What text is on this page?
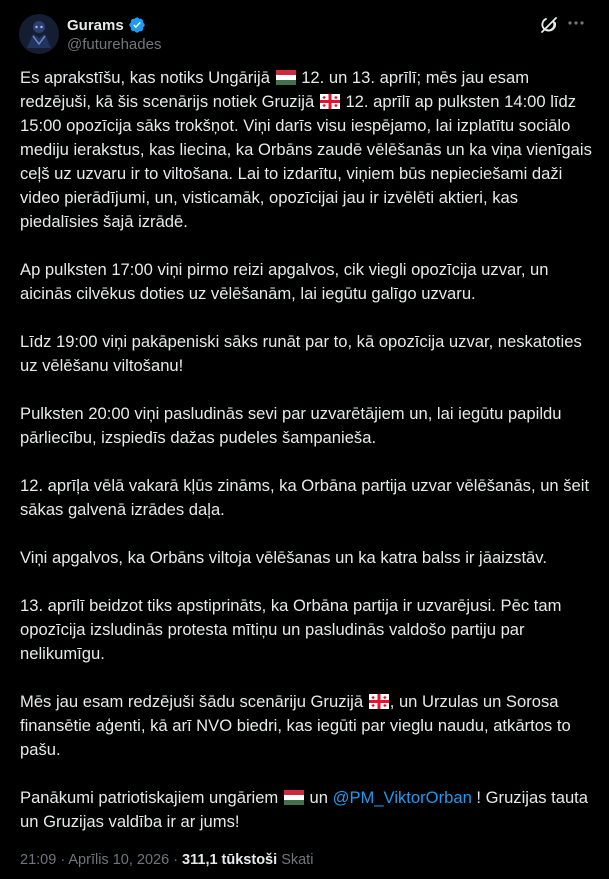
Gurams
@futurehades

Es aprakstīšu, kas notiks Ungārijā 12. un 13. aprīlī; mēs jau esam redzējuši, kā šis scenārijs notiek Gruzijā 12. aprīlī ap pulksten 14:00 līdz 15:00 opozīcija sāks trokšņot. Viņi darīs visu iespējamo, lai izplatītu sociālo mediju ierakstus, kas liecina, ka Orbāns zaudē vēlēšanās un ka viņa vienīgais ceļš uz uzvaru ir to viltošana. Lai to izdarītu, viņiem būs nepieciešami daži video pierādījumi, un, visticamāk, opozīcijai jau ir izvēlēti aktieri, kas piedalīsies šajā izrādē.

Ap pulksten 17:00 viņi pirmo reizi apgalvos, cik viegli opozīcija uzvar, un aicinās cilvēkus doties uz vēlēšanām, lai iegūtu galīgo uzvaru.

Līdz 19:00 viņi pakāpeniski sāks runāt par to, kā opozīcija uzvar, neskatoties uz vēlēšanu viltošanu!

Pulksten 20:00 viņi pasludinās sevi par uzvarētājiem un, lai iegūtu papildu pārliecību, izspiedīs dažas pudeles šampanieša.

12. aprīļa vēlā vakarā kļūs zināms, ka Orbāna partija uzvar vēlēšanās, un šeit sākas galvenā izrādes daļa.

Viņi apgalvos, ka Orbāns viltoja vēlēšanas un ka katra balss ir jāaizstāv.

13. aprīlī beidzot tiks apstiprināts, ka Orbāna partija ir uzvarējusi. Pēc tam opozīcija izsludinās protesta mītiņu un pasludinās valdošo partiju par nelikumīgu.

Mēs jau esam redzējuši šādu scenāriju Gruzijā , un Urzulas un Sorosa finansētie aģenti, kā arī NVO biedri, kas iegūti par vieglu naudu, atkārtos to pašu.

Panākumi patriotiskajiem ungāriem un @PM_ViktorOrban ! Gruzijas tauta un Gruzijas valdība ir ar jums!

21:09 · Aprīlis 10, 2026 · 311,1 tūkstoši Skati
